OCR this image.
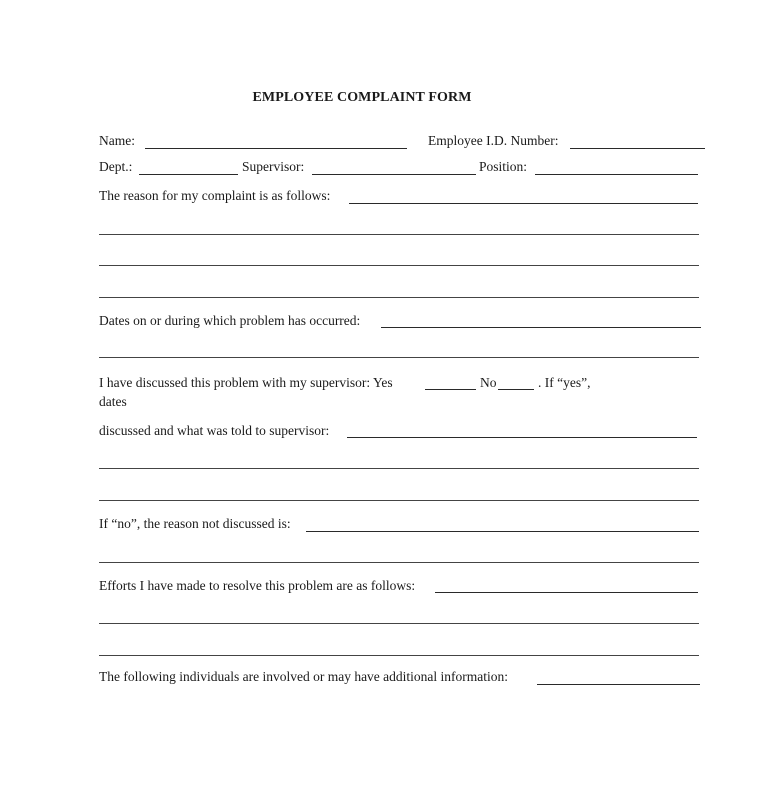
EMPLOYEE COMPLAINT FORM
Name:	Employee I.D. Number:
Dept.:	Supervisor:	Position:
The reason for my complaint is as follows:
Dates on or during which problem has occurred:
I have discussed this problem with my supervisor: Yes	No	. If “yes”,
dates
discussed and what was told to supervisor:
If “no”, the reason not discussed is:
Efforts I have made to resolve this problem are as follows:
The following individuals are involved or may have additional information:
